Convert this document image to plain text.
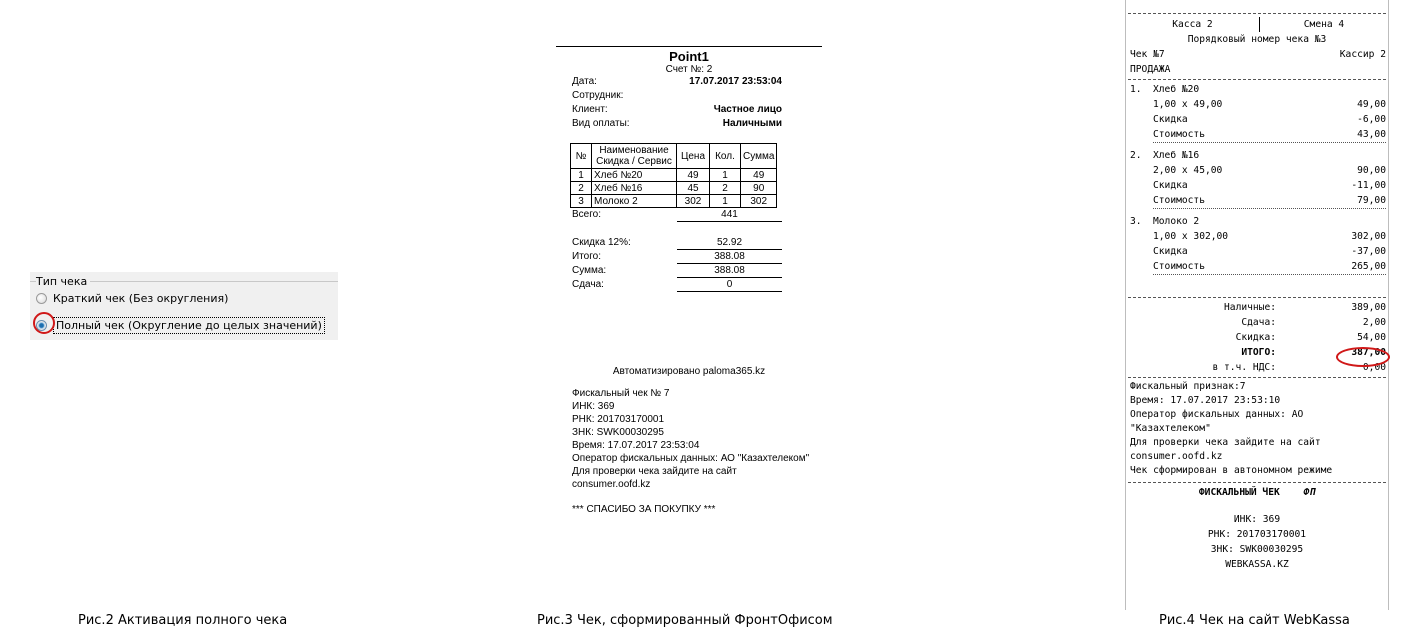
Тип чека
Краткий чек (Без округления)
Полный чек (Округление до целых значений)
Point1
Счет №: 2
Дата:	17.07.2017 23:53:04
Сотрудник:
Клиент:	Частное лицо
Вид оплаты:	Наличными
№	Наименование Скидка / Сервис	Цена	Кол.	Сумма
1	Хлеб №20	49	1	49
2	Хлеб №16	45	2	90
3	Молоко 2	302	1	302
Всего:	441
Скидка 12%:	52.92
Итого:	388.08
Сумма:	388.08
Сдача:	0
Автоматизировано paloma365.kz
Фискальный чек № 7
ИНК: 369
РНК: 201703170001
ЗНК: SWK00030295
Время: 17.07.2017 23:53:04
Оператор фискальных данных: АО "Казахтелеком"
Для проверки чека зайдите на сайт
consumer.oofd.kz
*** СПАСИБО ЗА ПОКУПКУ ***
Касса 2	Смена 4
Порядковый номер чека №3
Чек №7	Кассир 2
ПРОДАЖА
1.	Хлеб №20
1,00 x 49,00	49,00
Скидка	-6,00
Стоимость	43,00
2.	Хлеб №16
2,00 x 45,00	90,00
Скидка	-11,00
Стоимость	79,00
3.	Молоко 2
1,00 x 302,00	302,00
Скидка	-37,00
Стоимость	265,00
Наличные:	389,00
Сдача:	2,00
Скидка:	54,00
ИТОГО:	387,00
в т.ч. НДС:	0,00
Фискальный признак:7
Время: 17.07.2017 23:53:10
Оператор фискальных данных: АО
"Казахтелеком"
Для проверки чека зайдите на сайт
consumer.oofd.kz
Чек сформирован в автономном режиме
ФИСКАЛЬНЫЙ ЧЕК ФП
ИНК: 369
РНК: 201703170001
ЗНК: SWK00030295
WEBKASSA.KZ
Рис.2 Активация полного чека	Рис.3 Чек, сформированный ФронтОфисом	Рис.4 Чек на сайт WebKassa
